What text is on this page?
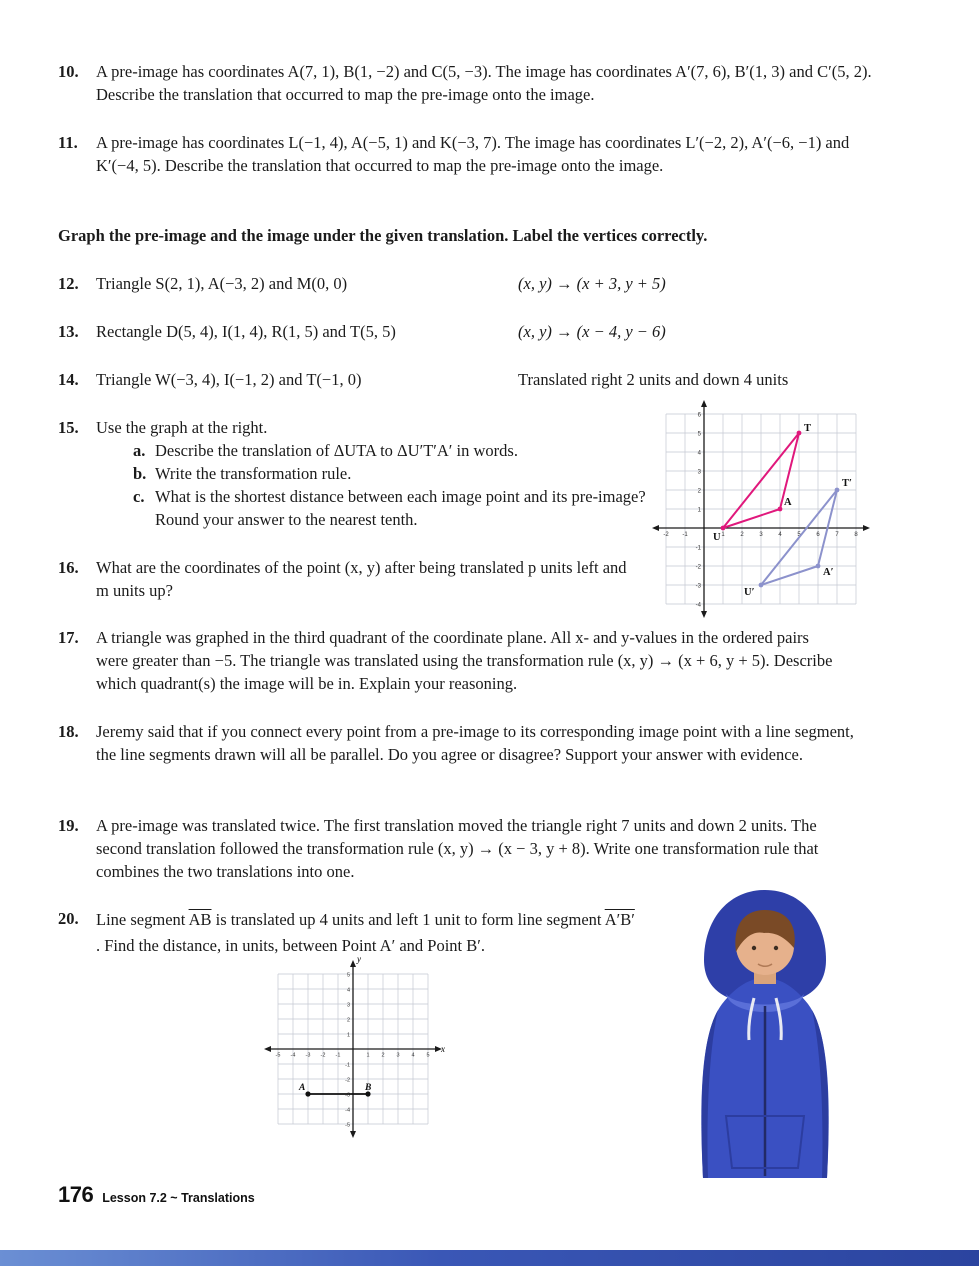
10.	A pre-image has coordinates A(7, 1), B(1, −2) and C(5, −3). The image has coordinates A′(7, 6), B′(1, 3) and C′(5, 2). Describe the translation that occurred to map the pre-image onto the image.

11.	A pre-image has coordinates L(−1, 4), A(−5, 1) and K(−3, 7). The image has coordinates L′(−2, 2), A′(−6, −1) and K′(−4, 5). Describe the translation that occurred to map the pre-image onto the image.

Graph the pre-image and the image under the given translation. Label the vertices correctly.
12.	Triangle S(2, 1), A(−3, 2) and M(0, 0)	(x, y) → (x + 3, y + 5)
13.	Rectangle D(5, 4), I(1, 4), R(1, 5) and T(5, 5)	(x, y) → (x − 4, y − 6)
14.	Triangle W(−3, 4), I(−1, 2) and T(−1, 0)	Translated right 2 units and down 4 units
15.	Use the graph at the right.

a. Describe the translation of ΔUTA to ΔU′T′A′ in words.
b. Write the transformation rule.
c. What is the shortest distance between each image point and its pre-image? Round your answer to the nearest tenth.
-2 -1	1	2	3	4	5	6	7	8
-4
-3
-2
-1
1
2
3
4
5
6
T
A
U
T′
A′
U′
16.	What are the coordinates of the point (x, y) after being translated p units left and m units up?

17.	A triangle was graphed in the third quadrant of the coordinate plane. All x- and y-values in the ordered pairs were greater than −5. The triangle was translated using the transformation rule (x, y) → (x + 6, y + 5). Describe which quadrant(s) the image will be in. Explain your reasoning.

18.	Jeremy said that if you connect every point from a pre-image to its corresponding image point with a line segment, the line segments drawn will all be parallel. Do you agree or disagree? Support your answer with evidence.

19.	A pre-image was translated twice. The first translation moved the triangle right 7 units and down 2 units. The second translation followed the transformation rule (x, y) → (x − 3, y + 8). Write one transformation rule that combines the two translations into one.

20.	Line segment $\overline{AB}$ is translated up 4 units and left 1 unit to form line segment A′B′ . Find the distance, in units, between Point A′ and Point B′.

-5 -4 -3 -2 -1	1 2 3 4 5
-5
-4
-3
-2
-1
1
2
3
4
5
x
y
A	B
176 Lesson 7.2 ~ Translations
